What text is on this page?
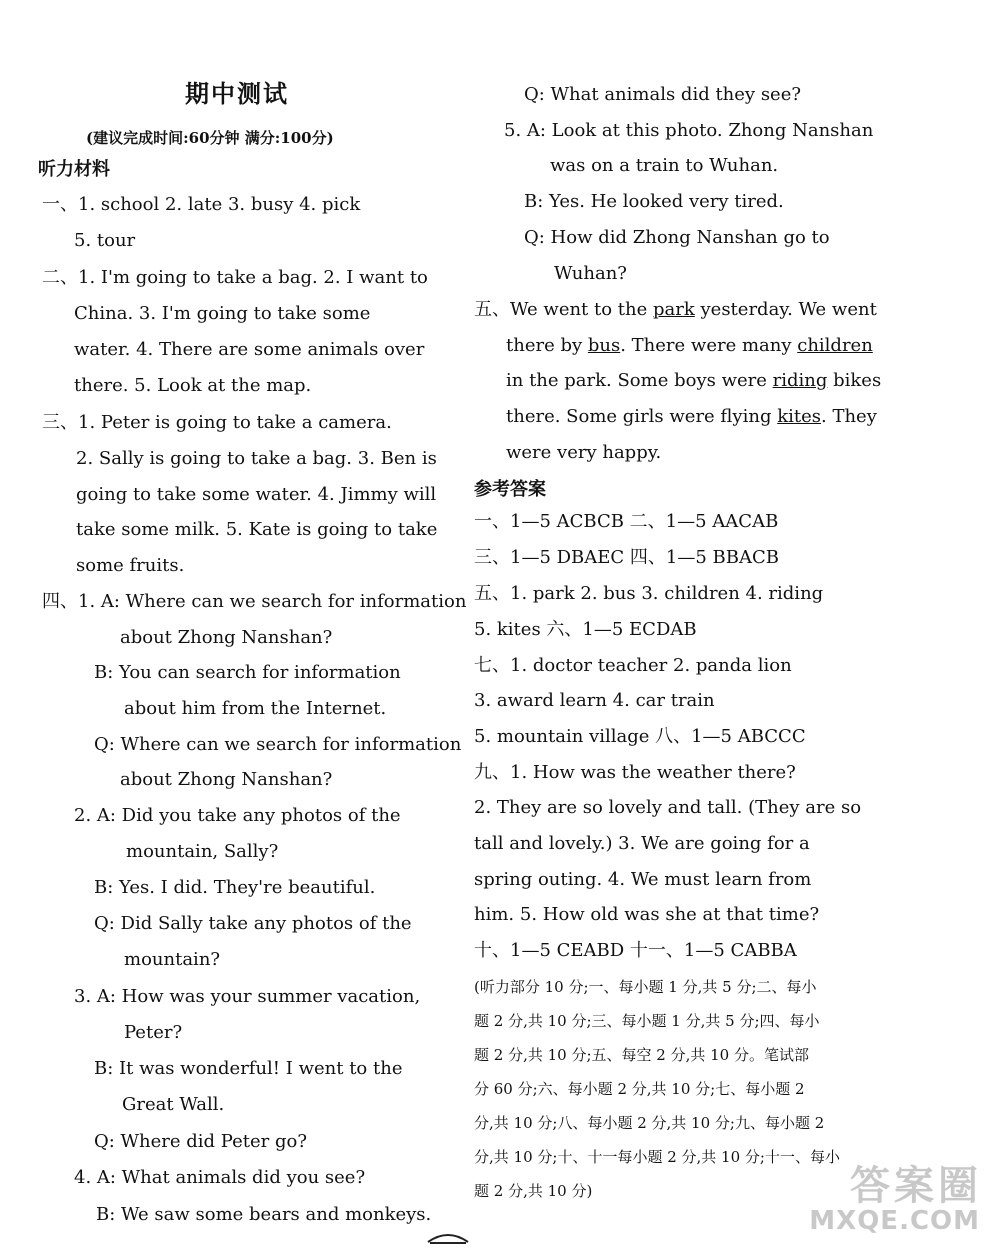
期中测试
(建议完成时间:60分钟 满分:100分)
听力材料
一、1. school 2. late 3. busy 4. pick
5. tour
二、1. I'm going to take a bag. 2. I want to
China. 3. I'm going to take some
water. 4. There are some animals over
there. 5. Look at the map.
三、1. Peter is going to take a camera.
2. Sally is going to take a bag. 3. Ben is
going to take some water. 4. Jimmy will
take some milk. 5. Kate is going to take
some fruits.
四、1. A: Where can we search for information
about Zhong Nanshan?
B: You can search for information
about him from the Internet.
Q: Where can we search for information
about Zhong Nanshan?
2. A: Did you take any photos of the
mountain, Sally?
B: Yes. I did. They're beautiful.
Q: Did Sally take any photos of the
mountain?
3. A: How was your summer vacation,
Peter?
B: It was wonderful! I went to the
Great Wall.
Q: Where did Peter go?
4. A: What animals did you see?
B: We saw some bears and monkeys.
Q: What animals did they see?
5. A: Look at this photo. Zhong Nanshan
was on a train to Wuhan.
B: Yes. He looked very tired.
Q: How did Zhong Nanshan go to
Wuhan?
五、We went to the park yesterday. We went
there by bus. There were many children
in the park. Some boys were riding bikes
there. Some girls were flying kites. They
were very happy.
参考答案
一、1—5 ACBCB 二、1—5 AACAB
三、1—5 DBAEC 四、1—5 BBACB
五、1. park 2. bus 3. children 4. riding
5. kites 六、1—5 ECDAB
七、1. doctor teacher 2. panda lion
3. award learn 4. car train
5. mountain village 八、1—5 ABCCC
九、1. How was the weather there?
2. They are so lovely and tall. (They are so
tall and lovely.) 3. We are going for a
spring outing. 4. We must learn from
him. 5. How old was she at that time?
十、1—5 CEABD 十一、1—5 CABBA
(听力部分 10 分;一、每小题 1 分,共 5 分;二、每小
题 2 分,共 10 分;三、每小题 1 分,共 5 分;四、每小
题 2 分,共 10 分;五、每空 2 分,共 10 分。笔试部
分 60 分;六、每小题 2 分,共 10 分;七、每小题 2
分,共 10 分;八、每小题 2 分,共 10 分;九、每小题 2
分,共 10 分;十、十一每小题 2 分,共 10 分;十一、每小
题 2 分,共 10 分)	答案圈
MXQE.COM
